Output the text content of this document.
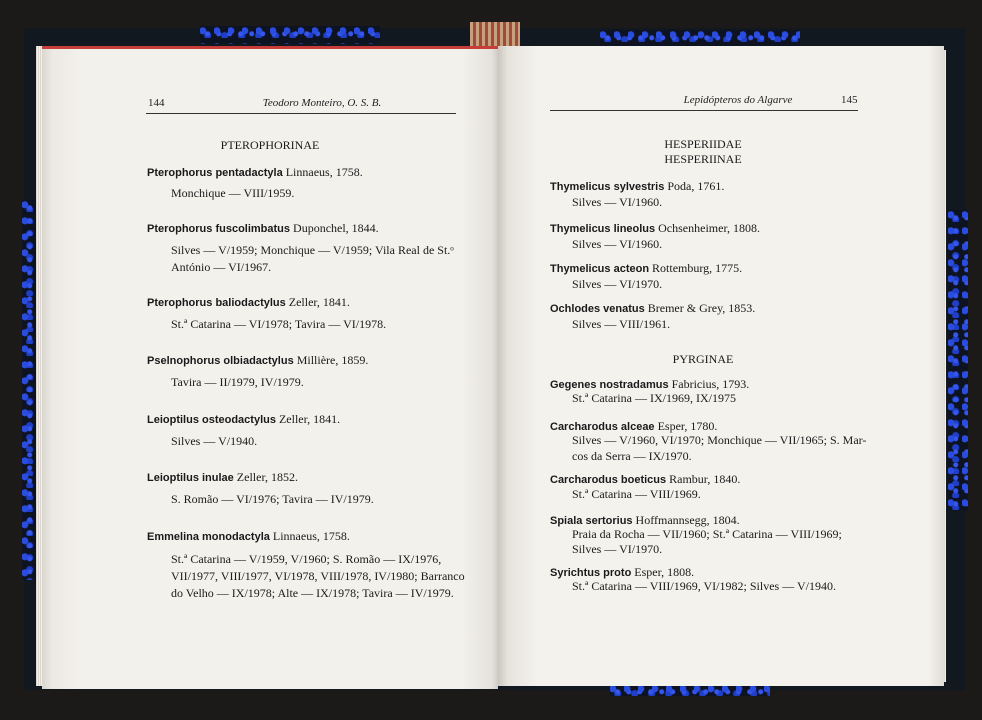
144	Teodoro Monteiro, O. S. B.
PTEROPHORINAE
Pterophorus pentadactyla Linnaeus, 1758.
Monchique — VIII/1959.
Pterophorus fuscolimbatus Duponchel, 1844.
Silves — V/1959; Monchique — V/1959; Vila Real de St.ᵒ
António — VI/1967.
Pterophorus baliodactylus Zeller, 1841.
St.ª Catarina — VI/1978; Tavira — VI/1978.
Pselnophorus olbiadactylus Millière, 1859.
Tavira — II/1979, IV/1979.
Leioptilus osteodactylus Zeller, 1841.
Silves — V/1940.
Leioptilus inulae Zeller, 1852.
S. Romão — VI/1976; Tavira — IV/1979.
Emmelina monodactyla Linnaeus, 1758.
St.ª Catarina — V/1959, V/1960; S. Romão — IX/1976,
VII/1977, VIII/1977, VI/1978, VIII/1978, IV/1980; Barranco
do Velho — IX/1978; Alte — IX/1978; Tavira — IV/1979.
Lepidópteros do Algarve	145
HESPERIIDAE
HESPERIINAE
Thymelicus sylvestris Poda, 1761.
Silves — VI/1960.
Thymelicus lineolus Ochsenheimer, 1808.
Silves — VI/1960.
Thymelicus acteon Rottemburg, 1775.
Silves — VI/1970.
Ochlodes venatus Bremer & Grey, 1853.
Silves — VIII/1961.
PYRGINAE
Gegenes nostradamus Fabricius, 1793.
St.ª Catarina — IX/1969, IX/1975
Carcharodus alceae Esper, 1780.
Silves — V/1960, VI/1970; Monchique — VII/1965; S. Mar-
cos da Serra — IX/1970.
Carcharodus boeticus Rambur, 1840.
St.ª Catarina — VIII/1969.
Spiala sertorius Hoffmannsegg, 1804.
Praia da Rocha — VII/1960; St.ª Catarina — VIII/1969;
Silves — VI/1970.
Syrichtus proto Esper, 1808.
St.ª Catarina — VIII/1969, VI/1982; Silves — V/1940.
